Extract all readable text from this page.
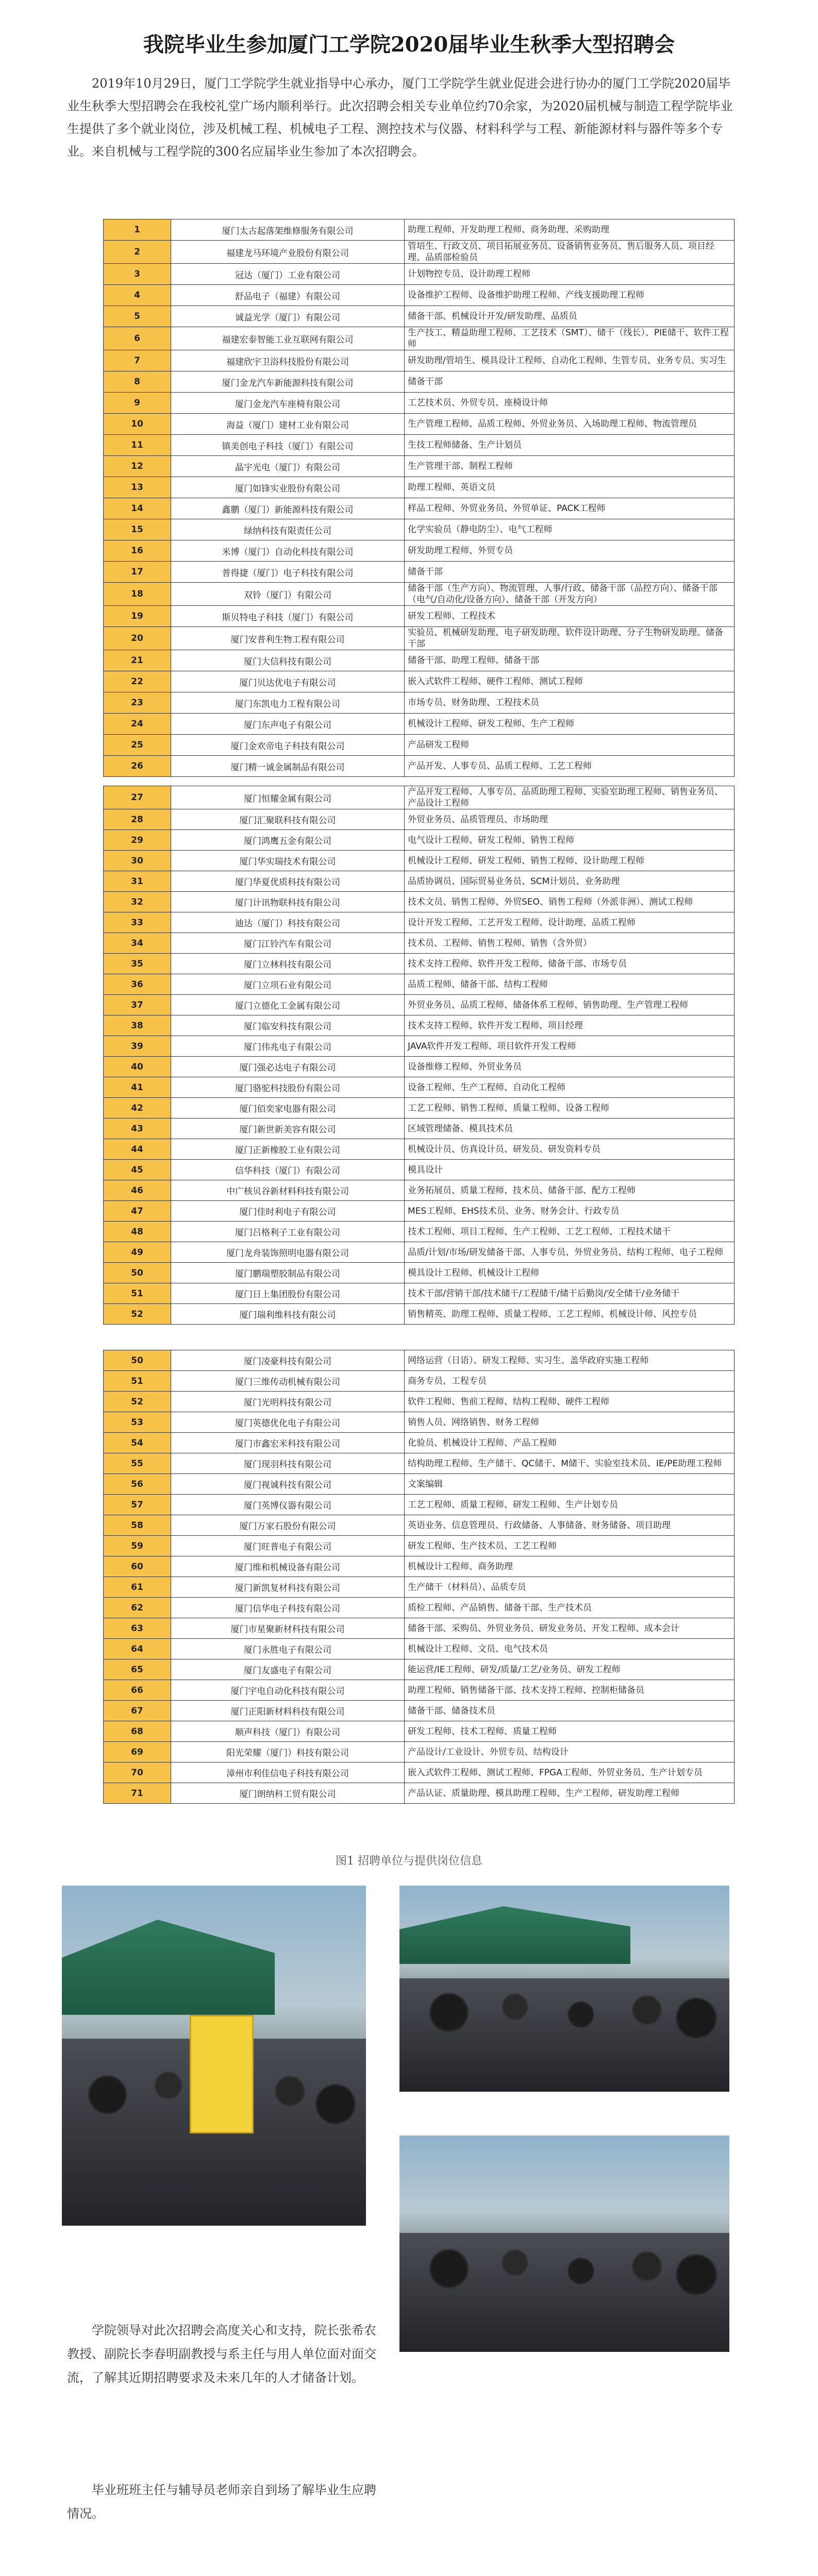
我院毕业生参加厦门工学院2020届毕业生秋季大型招聘会
2019年10月29日，厦门工学院学生就业指导中心承办，厦门工学院学生就业促进会进行协办的厦门工学院2020届毕业生秋季大型招聘会在我校礼堂广场内顺利举行。此次招聘会相关专业单位约70余家，为2020届机械与制造工程学院毕业生提供了多个就业岗位，涉及机械工程、机械电子工程、测控技术与仪器、材料科学与工程、新能源材料与器件等多个专业。来自机械与工程学院的300名应届毕业生参加了本次招聘会。
1	厦门太古起落架维修服务有限公司	助理工程师、开发助理工程师、商务助理、采购助理
2	福建龙马环境产业股份有限公司	管培生、行政文员、项目拓展业务员、设备销售业务员、售后服务人员、项目经理、品质部检验员
3	冠达（厦门）工业有限公司	计划物控专员、设计助理工程师
4	舒品电子（福建）有限公司	设备维护工程师、设备维护助理工程师、产线支援助理工程师
5	诚益光学（厦门）有限公司	储备干部、机械设计开发/研发助理、品质员
6	福建宏泰智能工业互联网有限公司	生产技工、精益助理工程师、工艺技术（SMT）、储干（线长）、PIE储干、软件工程师
7	福建欣宇卫浴科技股份有限公司	研发助理/管培生、模具设计工程师、自动化工程师、生管专员、业务专员、实习生
8	厦门金龙汽车新能源科技有限公司	储备干部
9	厦门金龙汽车座椅有限公司	工艺技术员、外贸专员、座椅设计师
10	海益（厦门）建材工业有限公司	生产管理工程师、品质工程师、外贸业务员、入场助理工程师、物流管理员
11	镇美创电子科技（厦门）有限公司	生技工程师储备、生产计划员
12	晶宇光电（厦门）有限公司	生产管理干部、制程工程师
13	厦门如锋实业股份有限公司	助理工程师、英语文员
14	鑫鹏（厦门）新能源科技有限公司	样品工程师、外贸业务员、外贸单证、PACK工程师
15	绿纳科技有限责任公司	化学实验员（静电防尘）、电气工程师
16	米博（厦门）自动化科技有限公司	研发助理工程师、外贸专员
17	普得捷（厦门）电子科技有限公司	储备干部
18	双铃（厦门）有限公司	储备干部（生产方向）、物流管理、人事/行政、储备干部（品控方向）、储备干部（电气/自动化/设备方向）、储备干部（开发方向）
19	斯贝特电子科技（厦门）有限公司	研发工程师、工程技术
20	厦门安普利生物工程有限公司	实验员、机械研发助理、电子研发助理、软件设计助理、分子生物研发助理、储备干部
21	厦门大信科技有限公司	储备干部、助理工程师、储备干部
22	厦门贝达优电子有限公司	嵌入式软件工程师、硬件工程师、测试工程师
23	厦门东凯电力工程有限公司	市场专员、财务助理、工程技术员
24	厦门东声电子有限公司	机械设计工程师、研发工程师、生产工程师
25	厦门金欢帝电子科技有限公司	产品研发工程师
26	厦门精一诚金属制品有限公司	产品开发、人事专员、品质工程师、工艺工程师
27	厦门恒耀金属有限公司	产品开发工程师、人事专员、品质助理工程师、实验室助理工程师、销售业务员、产品设计工程师
28	厦门汇聚联科技有限公司	外贸业务员、品质管理员、市场助理
29	厦门鸿鹰五金有限公司	电气设计工程师、研发工程师、销售工程师
30	厦门华实瑞技术有限公司	机械设计工程师、研发工程师、销售工程师、设计助理工程师
31	厦门华夏优质科技有限公司	品质协调员、国际贸易业务员、SCM计划员、业务助理
32	厦门计讯物联科技有限公司	技术文员、销售工程师、外贸SEO、销售工程师（外派非洲）、测试工程师
33	迪达（厦门）科技有限公司	设计开发工程师、工艺开发工程师、设计助理、品质工程师
34	厦门江铃汽车有限公司	技术员、工程师、销售工程师、销售（含外贸）
35	厦门立林科技有限公司	技术支持工程师、软件开发工程师、储备干部、市场专员
36	厦门立项石业有限公司	品质工程师、储备干部、结构工程师
37	厦门立德化工金属有限公司	外贸业务员、品质工程师、储备体系工程师、销售助理、生产管理工程师
38	厦门临安科技有限公司	技术支持工程师、软件开发工程师、项目经理
39	厦门伟兆电子有限公司	JAVA软件开发工程师、项目软件开发工程师
40	厦门强必达电子有限公司	设备维修工程师、外贸业务员
41	厦门骆驼科技股份有限公司	设备工程师、生产工程师、自动化工程师
42	厦门佰奕家电器有限公司	工艺工程师、销售工程师、质量工程师、设备工程师
43	厦门新世新美容有限公司	区域管理储备、模具技术员
44	厦门正新橡胶工业有限公司	机械设计员、仿真设计员、研发员、研发资料专员
45	信华科技（厦门）有限公司	模具设计
46	中广核贝谷新材料科技有限公司	业务拓展员、质量工程师、技术员、储备干部、配方工程师
47	厦门佳时利电子有限公司	MES工程师、EHS技术员、业务、财务会计、行政专员
48	厦门吕格利子工业有限公司	技术工程师、项目工程师、生产工程师、工艺工程师、工程技术储干
49	厦门龙舟装饰照明电器有限公司	品质/计划/市场/研发储备干部、人事专员、外贸业务员、结构工程师、电子工程师
50	厦门鹏瑞塑胶制品有限公司	模具设计工程师、机械设计工程师
51	厦门日上集团股份有限公司	技术干部/营销干部/技术储干/工程储干/储干后勤岗/安全储干/业务储干
52	厦门瑞利维科技有限公司	销售精英、助理工程师、质量工程师、工艺工程师、机械设计师、风控专员
50	厦门凌豪科技有限公司	网络运营（日语）、研发工程师、实习生、盖华政府实施工程师
51	厦门三维传动机械有限公司	商务专员、工程专员
52	厦门光明科技有限公司	软件工程师、售前工程师、结构工程师、硬件工程师
53	厦门英德优化电子有限公司	销售人员、网络销售、财务工程师
54	厦门市鑫宏米科技有限公司	化验员、机械设计工程师、产品工程师
55	厦门现羽科技有限公司	结构助理工程师、生产储干、QC储干、M储干、实验室技术员、IE/PE助理工程师
56	厦门视诚科技有限公司	文案编辑
57	厦门英博仪器有限公司	工艺工程师、质量工程师、研发工程师、生产计划专员
58	厦门万家石股份有限公司	英语业务、信息管理员、行政储备、人事储备、财务储备、项目助理
59	厦门旺普电子有限公司	研发工程师、生产技术员、工艺工程师
60	厦门维和机械设备有限公司	机械设计工程师、商务助理
61	厦门新凯复材科技有限公司	生产储干（材料员）、品质专员
62	厦门信华电子科技有限公司	质检工程师、产品销售、储备干部、生产技术员
63	厦门市星聚新材科技有限公司	储备干部、采购员、外贸业务员、研发业务员、开发工程师、成本会计
64	厦门永胜电子有限公司	机械设计工程师、文员、电气技术员
65	厦门友盛电子有限公司	能运营/IE工程师、研发/质量/工艺/业务员、研发工程师
66	厦门宇电自动化科技有限公司	助理工程师、销售储备干部、技术支持工程师、控制柜储备员
67	厦门正阳新材料科技有限公司	储备干部、储备技术员
68	顺声科技（厦门）有限公司	研发工程师、技术工程师、质量工程师
69	阳光荣耀（厦门）科技有限公司	产品设计/工业设计、外贸专员、结构设计
70	漳州市利佳信电子科技有限公司	嵌入式软件工程师、测试工程师、FPGA工程师、外贸业务员、生产计划专员
71	厦门朗纳科工贸有限公司	产品认证、质量助理、模具助理工程师、生产工程师、研发助理工程师
图1 招聘单位与提供岗位信息
学院领导对此次招聘会高度关心和支持，院长张希农教授、副院长李春明副教授与系主任与用人单位面对面交流，了解其近期招聘要求及未来几年的人才储备计划。
毕业班班主任与辅导员老师亲自到场了解毕业生应聘情况。
